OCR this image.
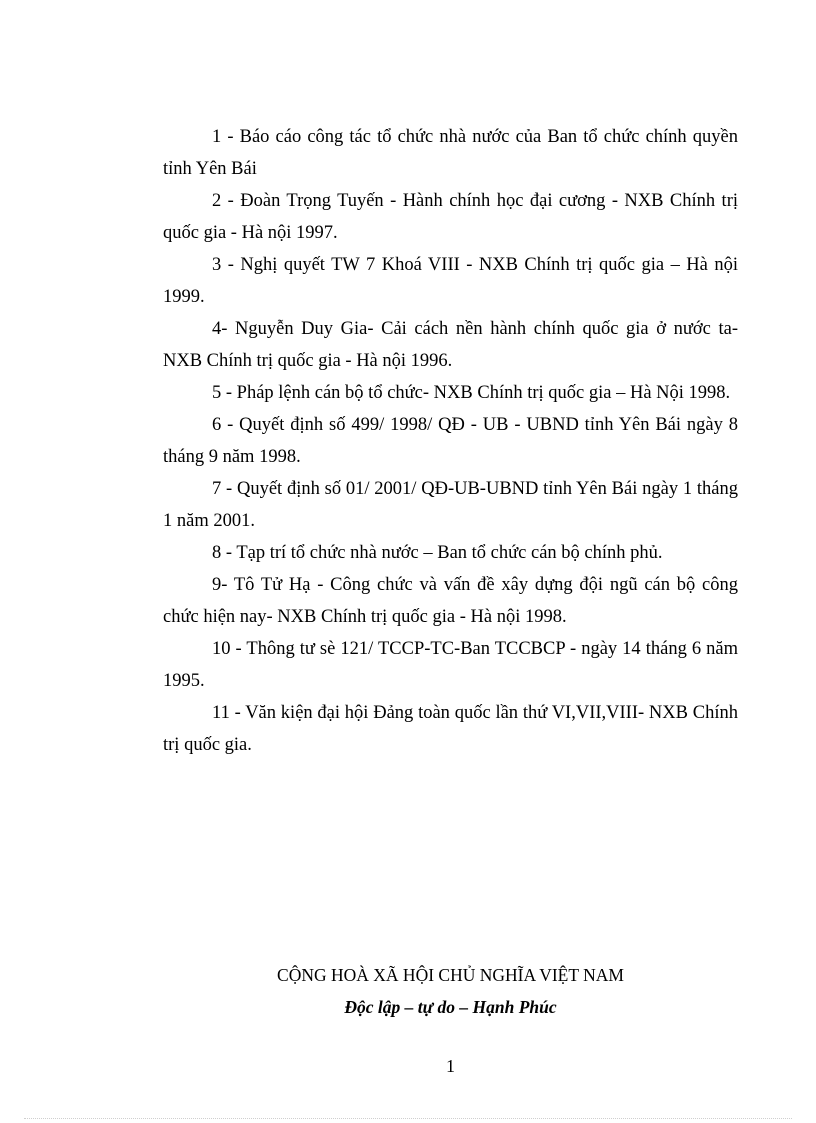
1 - Báo cáo công tác tổ chức nhà nước của Ban tổ chức chính quyền tỉnh Yên Bái

2 - Đoàn Trọng Tuyến - Hành chính học đại cương - NXB Chính trị quốc gia - Hà nội 1997.

3 - Nghị quyết TW 7 Khoá VIII - NXB Chính trị quốc gia – Hà nội 1999.

4- Nguyễn Duy Gia- Cải cách nền hành chính quốc gia ở nước ta- NXB Chính trị quốc gia - Hà nội 1996.

5 - Pháp lệnh cán bộ tổ chức- NXB Chính trị quốc gia – Hà Nội 1998.

6 - Quyết định số 499/ 1998/ QĐ - UB - UBND tỉnh Yên Bái ngày 8 tháng 9 năm 1998.

7 - Quyết định số 01/ 2001/ QĐ-UB-UBND tỉnh Yên Bái ngày 1 tháng 1 năm 2001.

8 - Tạp trí tổ chức nhà nước – Ban tổ chức cán bộ chính phủ.

9- Tô Tử Hạ - Công chức và vấn đề xây dựng đội ngũ cán bộ công chức hiện nay- NXB Chính trị quốc gia - Hà nội 1998.

10 - Thông tư sè 121/ TCCP-TC-Ban TCCBCP - ngày 14 tháng 6 năm 1995.

11 - Văn kiện đại hội Đảng toàn quốc lần thứ VI,VII,VIII- NXB Chính trị quốc gia.

CỘNG HOÀ XÃ HỘI CHỦ NGHĨA VIỆT NAM
Độc lập – tự do – Hạnh Phúc
1
